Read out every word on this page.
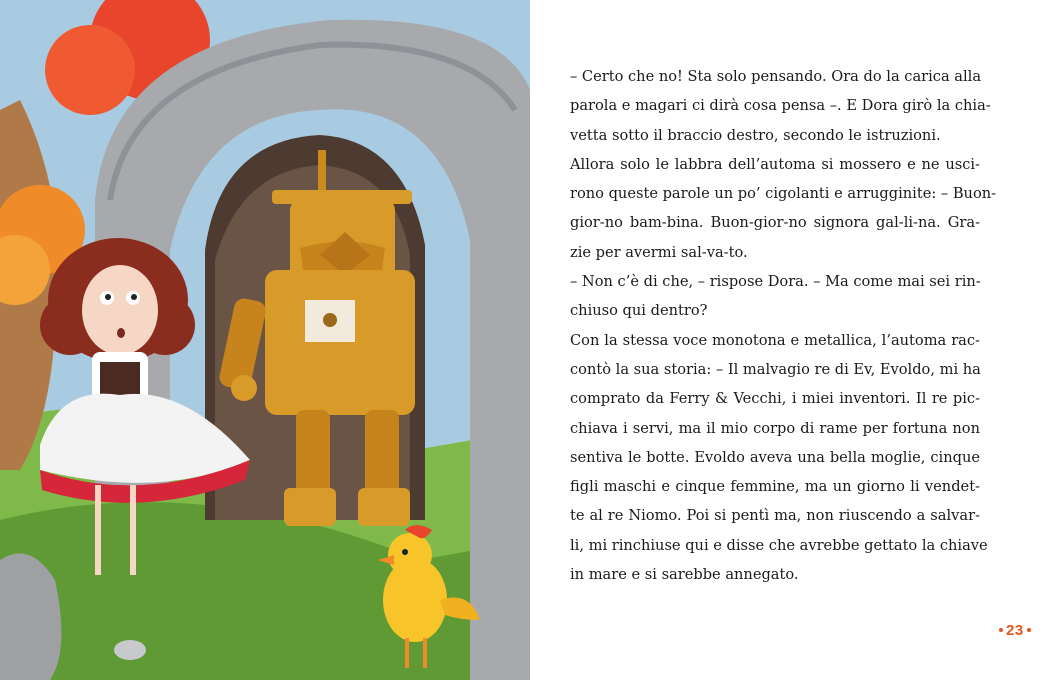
– Certo che no! Sta solo pensando. Ora do la carica alla
parola e magari ci dirà cosa pensa –. E Dora girò la chia-
vetta sotto il braccio destro, secondo le istruzioni.
Allora solo le labbra dell’automa si mossero e ne usci-
rono queste parole un po’ cigolanti e arrugginite: – Buon-
gior-no bam-bina. Buon-gior-no signora gal-li-na. Gra-
zie per avermi sal-va-to.
– Non c’è di che, – rispose Dora. – Ma come mai sei rin-
chiuso qui dentro?
Con la stessa voce monotona e metallica, l’automa rac-
contò la sua storia: – Il malvagio re di Ev, Evoldo, mi ha
comprato da Ferry & Vecchi, i miei inventori. Il re pic-
chiava i servi, ma il mio corpo di rame per fortuna non
sentiva le botte. Evoldo aveva una bella moglie, cinque
figli maschi e cinque femmine, ma un giorno li vendet-
te al re Niomo. Poi si pentì ma, non riuscendo a salvar-
li, mi rinchiuse qui e disse che avrebbe gettato la chiave
in mare e si sarebbe annegato.
23
